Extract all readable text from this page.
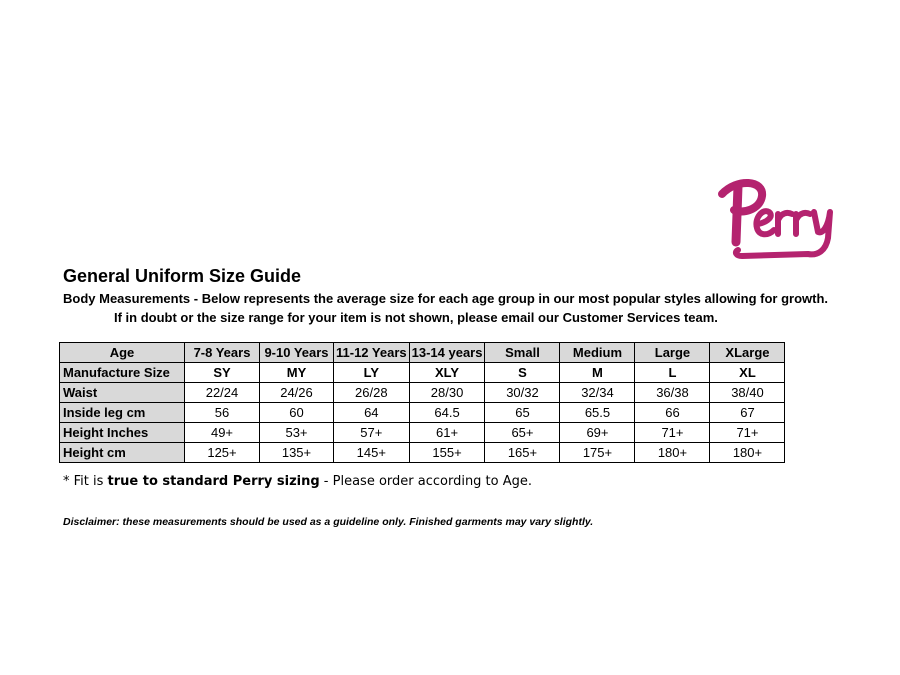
General Uniform Size Guide
Body Measurements - Below represents the average size for each age group in our most popular styles allowing for growth.
If in doubt or the size range for your item is not shown, please email our Customer Services team.
Age	7-8 Years	9-10 Years	11-12 Years	13-14 years	Small	Medium	Large	XLarge
Manufacture Size	SY	MY	LY	XLY	S	M	L	XL
Waist	22/24	24/26	26/28	28/30	30/32	32/34	36/38	38/40
Inside leg cm	56	60	64	64.5	65	65.5	66	67
Height Inches	49+	53+	57+	61+	65+	69+	71+	71+
Height cm	125+	135+	145+	155+	165+	175+	180+	180+
* Fit is true to standard Perry sizing - Please order according to Age.
Disclaimer: these measurements should be used as a guideline only. Finished garments may vary slightly.
